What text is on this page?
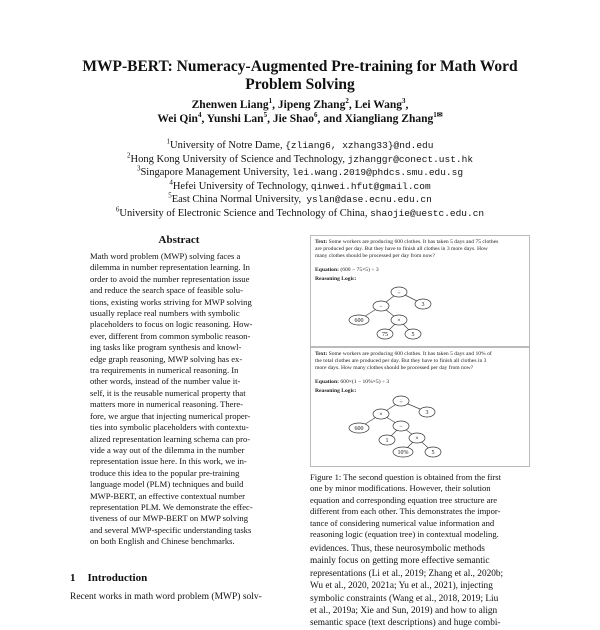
MWP-BERT: Numeracy-Augmented Pre-training for Math Word
Problem Solving
Zhenwen Liang$^1$, Jipeng Zhang$^2$, Lei Wang$^3$,
Wei Qin$^4$, Yunshi Lan$^5$, Jie Shao$^6$, and Xiangliang Zhang$^{1✉}$
$^1$University of Notre Dame, {zliang6, xzhang33}@nd.edu
$^2$Hong Kong University of Science and Technology, jzhanggr@conect.ust.hk
$^3$Singapore Management University, lei.wang.2019@phdcs.smu.edu.sg
$^4$Hefei University of Technology, qinwei.hfut@gmail.com
$^5$East China Normal University, yslan@dase.ecnu.edu.cn
$^6$University of Electronic Science and Technology of China, shaojie@uestc.edu.cn
Abstract
Math word problem (MWP) solving faces a
dilemma in number representation learning. In
order to avoid the number representation issue
and reduce the search space of feasible solu-
tions, existing works striving for MWP solving
usually replace real numbers with symbolic
placeholders to focus on logic reasoning. How-
ever, different from common symbolic reason-
ing tasks like program synthesis and knowl-
edge graph reasoning, MWP solving has ex-
tra requirements in numerical reasoning. In
other words, instead of the number value it-
self, it is the reusable numerical property that
matters more in numerical reasoning. There-
fore, we argue that injecting numerical proper-
ties into symbolic placeholders with contextu-
alized representation learning schema can pro-
vide a way out of the dilemma in the number
representation issue here. In this work, we in-
troduce this idea to the popular pre-training
language model (PLM) techniques and build
MWP-BERT, an effective contextual number
representation PLM. We demonstrate the effec-
tiveness of our MWP-BERT on MWP solving
and several MWP-specific understanding tasks
on both English and Chinese benchmarks.
1 Introduction
Recent works in math word problem (MWP) solv-
Text: Some workers are producing 600 clothes. It has taken 5 days and 75 clothes
are produced per day. But they have to finish all clothes in 3 more days. How
many clothes should be processed per day from now?
Equation: (600 − 75×5) ÷ 3
Reasoning Logic:
÷
−	3
600	×
75	5
Text: Some workers are producing 600 clothes. It has taken 5 days and 10% of
the total clothes are produced per day. But they have to finish all clothes in 3
more days. How many clothes should be processed per day from now?
Equation: 600×(1 − 10%×5) ÷ 3
Reasoning Logic:
÷
×	3
600	−
1	×
10%	5
Figure 1: The second question is obtained from the first
one by minor modifications. However, their solution
equation and corresponding equation tree structure are
different from each other. This demonstrates the impor-
tance of considering numerical value information and
reasoning logic (equation tree) in contextual modeling.
evidences. Thus, these neurosymbolic methods
mainly focus on getting more effective semantic
representations (Li et al., 2019; Zhang et al., 2020b;
Wu et al., 2020, 2021a; Yu et al., 2021), injecting
symbolic constraints (Wang et al., 2018, 2019; Liu
et al., 2019a; Xie and Sun, 2019) and how to align
semantic space (text descriptions) and huge combi-
